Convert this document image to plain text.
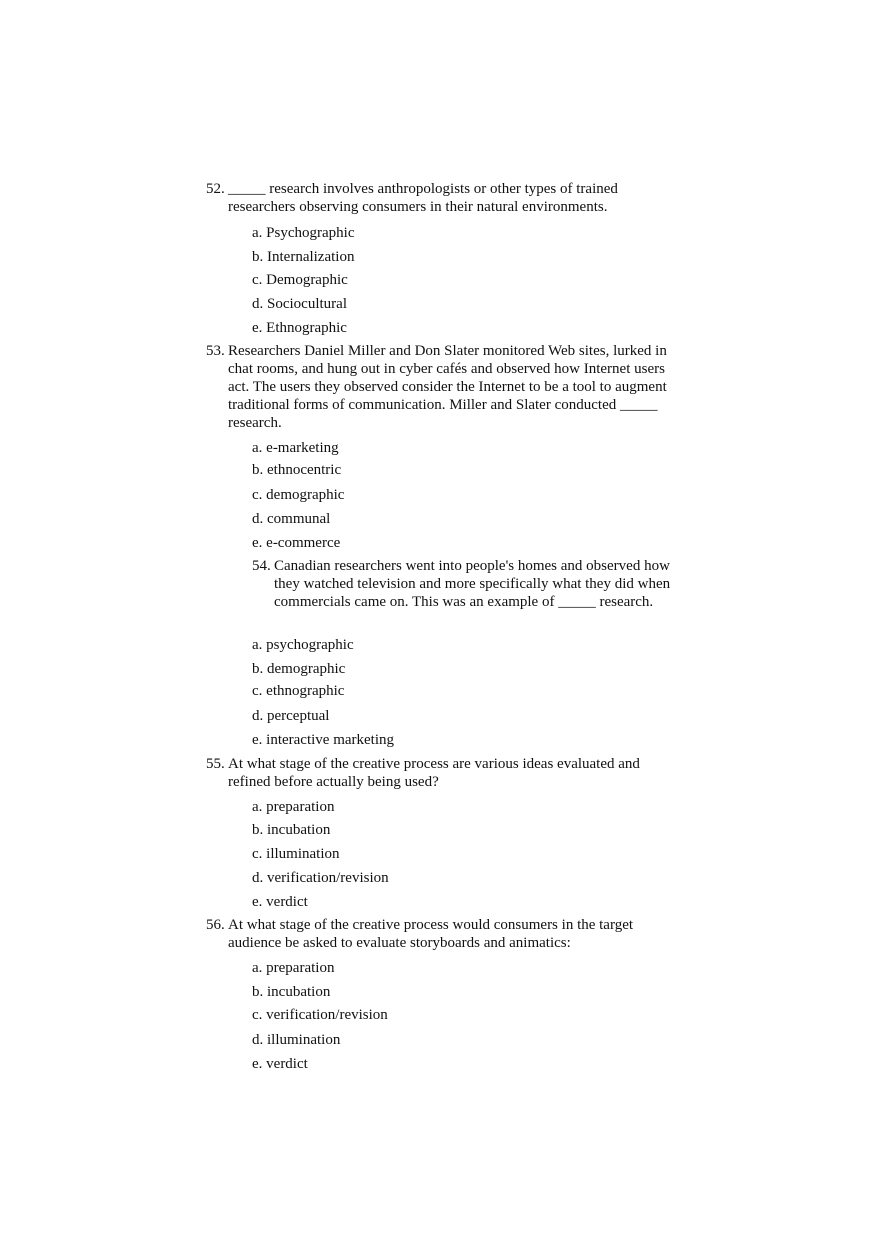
52. _____ research involves anthropologists or other types of trained researchers observing consumers in their natural environments.
a. Psychographic
b. Internalization
c. Demographic
d. Sociocultural
e. Ethnographic
53. Researchers Daniel Miller and Don Slater monitored Web sites, lurked in chat rooms, and hung out in cyber cafés and observed how Internet users act. The users they observed consider the Internet to be a tool to augment traditional forms of communication. Miller and Slater conducted _____ research.
a. e-marketing
b. ethnocentric
c. demographic
d. communal
e. e-commerce
54. Canadian researchers went into people's homes and observed how they watched television and more specifically what they did when commercials came on. This was an example of _____ research.
a. psychographic
b. demographic
c. ethnographic
d. perceptual
e. interactive marketing
55. At what stage of the creative process are various ideas evaluated and refined before actually being used?
a. preparation
b. incubation
c. illumination
d. verification/revision
e. verdict
56. At what stage of the creative process would consumers in the target audience be asked to evaluate storyboards and animatics:
a. preparation
b. incubation
c. verification/revision
d. illumination
e. verdict
